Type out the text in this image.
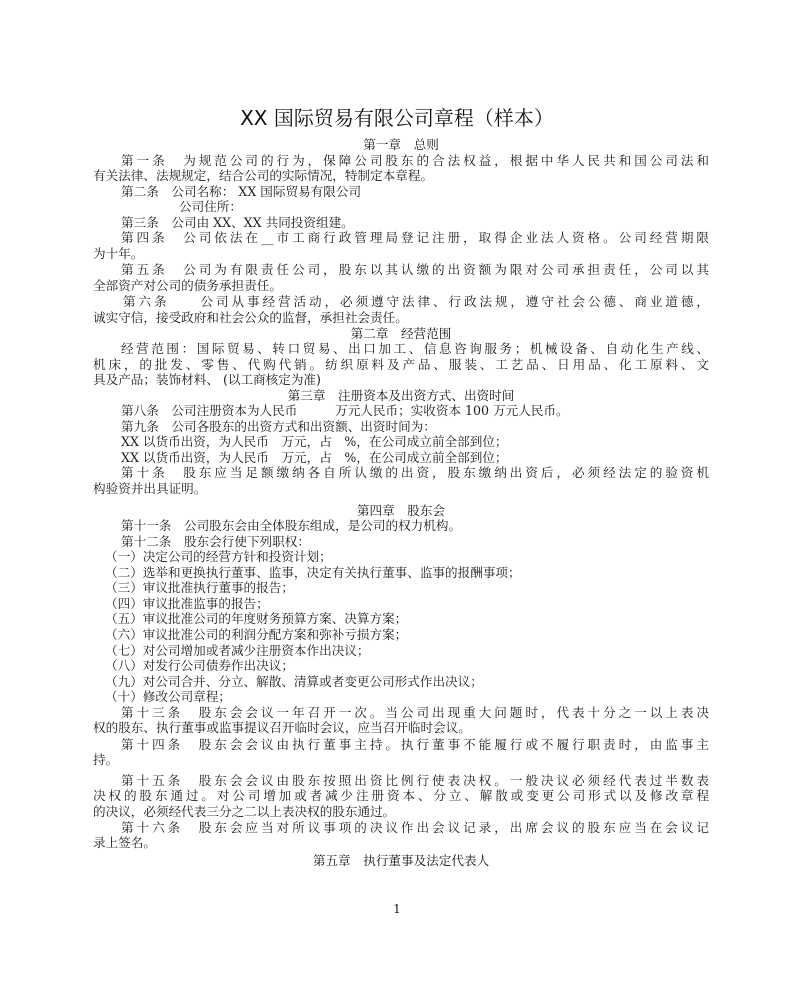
XX 国际贸易有限公司章程（样本）
第一章　总则
第一条　为规范公司的行为，保障公司股东的合法权益，根据中华人民共和国公司法和
有关法律、法规规定，结合公司的实际情况，特制定本章程。
第二条　公司名称： XX 国际贸易有限公司
公司住所：
第三条　公司由 XX、XX 共同投资组建。
第四条　公司依法在__市工商行政管理局登记注册，取得企业法人资格。公司经营期限
为十年。
第五条　公司为有限责任公司，股东以其认缴的出资额为限对公司承担责任，公司以其
全部资产对公司的债务承担责任。
第六条　　公司从事经营活动，必须遵守法律、行政法规，遵守社会公德、商业道德，
诚实守信，接受政府和社会公众的监督，承担社会责任。
第二章　经营范围
经营范围：国际贸易、转口贸易、出口加工、信息咨询服务；机械设备、自动化生产线、
机床，的批发、零售、代购代销。纺织原料及产品、服装、工艺品、日用品、化工原料、文
具及产品；装饰材料、 (以工商核定为准)
第三章　注册资本及出资方式、出资时间
第八条　公司注册资本为人民币　　　万元人民币；实收资本 100 万元人民币。
第九条　公司各股东的出资方式和出资额、出资时间为：
XX 以货币出资，为人民币　万元，占　%，在公司成立前全部到位；
XX 以货币出资，为人民币　万元，占　%，在公司成立前全部到位；
第十条　股东应当足额缴纳各自所认缴的出资，股东缴纳出资后，必须经法定的验资机
构验资并出具证明。
第四章　股东会
第十一条　公司股东会由全体股东组成，是公司的权力机构。
第十二条　股东会行使下列职权：
（一）决定公司的经营方针和投资计划；
（二）选举和更换执行董事、监事，决定有关执行董事、监事的报酬事项；
（三）审议批准执行董事的报告；
（四）审议批准监事的报告；
（五）审议批准公司的年度财务预算方案、决算方案；
（六）审议批准公司的利润分配方案和弥补亏损方案；
（七）对公司增加或者减少注册资本作出决议；
（八）对发行公司债券作出决议；
（九）对公司合并、分立、解散、清算或者变更公司形式作出决议；
（十）修改公司章程；
第十三条　股东会会议一年召开一次。当公司出现重大问题时，代表十分之一以上表决
权的股东、执行董事或监事提议召开临时会议，应当召开临时会议。
第十四条　股东会会议由执行董事主持。执行董事不能履行或不履行职责时，由监事主
持。
第十五条　股东会会议由股东按照出资比例行使表决权。一般决议必须经代表过半数表
决权的股东通过。对公司增加或者减少注册资本、分立、解散或变更公司形式以及修改章程
的决议，必须经代表三分之二以上表决权的股东通过。
第十六条　股东会应当对所议事项的决议作出会议记录，出席会议的股东应当在会议记
录上签名。
第五章　执行董事及法定代表人
1
